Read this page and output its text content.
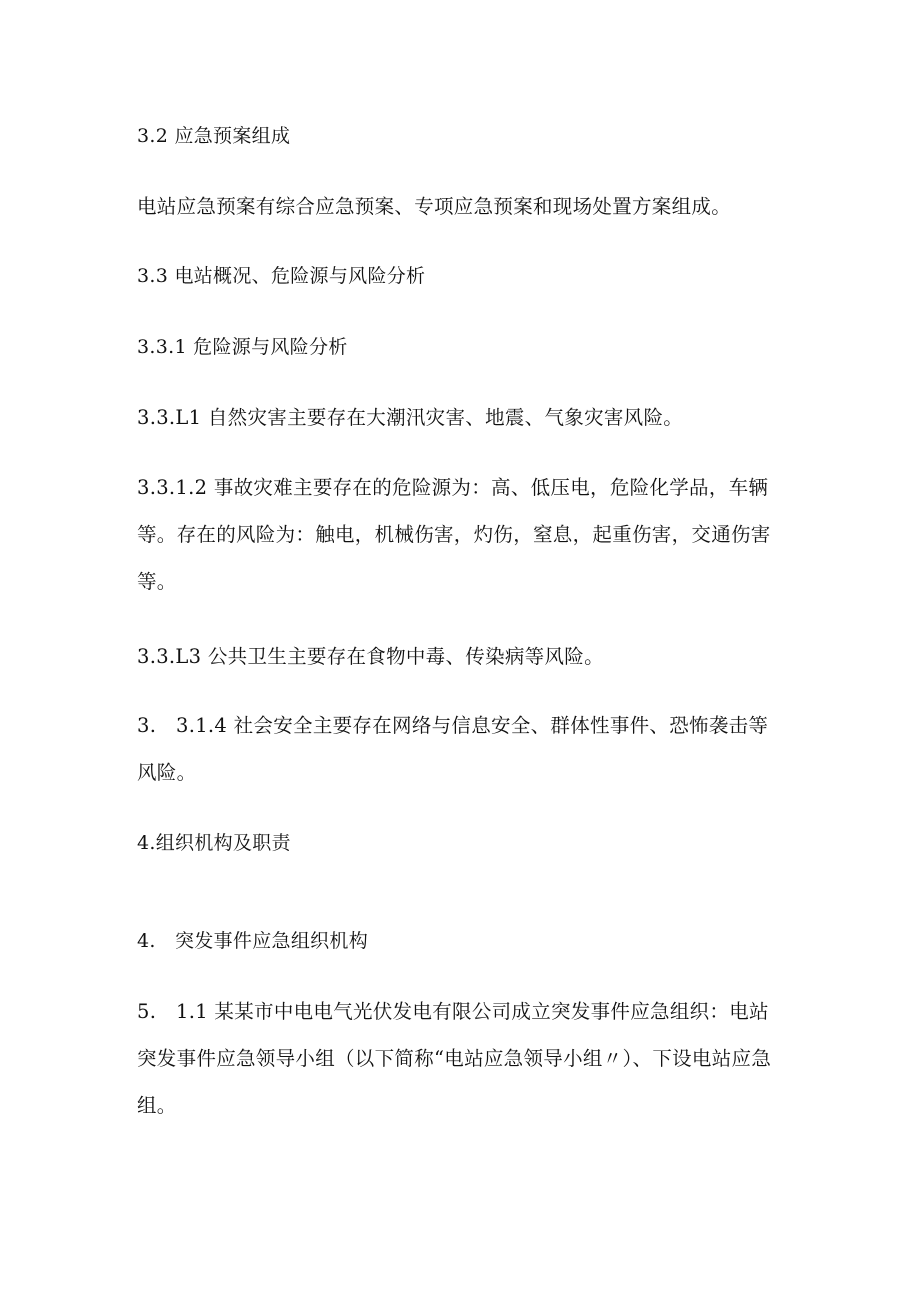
3.2 应急预案组成

电站应急预案有综合应急预案、专项应急预案和现场处置方案组成。

3.3 电站概况、危险源与风险分析

3.3.1 危险源与风险分析

3.3.L1 自然灾害主要存在大潮汛灾害、地震、气象灾害风险。

3.3.1.2 事故灾难主要存在的危险源为：高、低压电，危险化学品，车辆等。存在的风险为：触电，机械伤害，灼伤，窒息，起重伤害，交通伤害等。

3.3.L3 公共卫生主要存在食物中毒、传染病等风险。

3.　3.1.4 社会安全主要存在网络与信息安全、群体性事件、恐怖袭击等风险。

4.组织机构及职责

4.　突发事件应急组织机构

5.　1.1 某某市中电电气光伏发电有限公司成立突发事件应急组织：电站突发事件应急领导小组（以下简称“电站应急领导小组〃）、下设电站应急组。
